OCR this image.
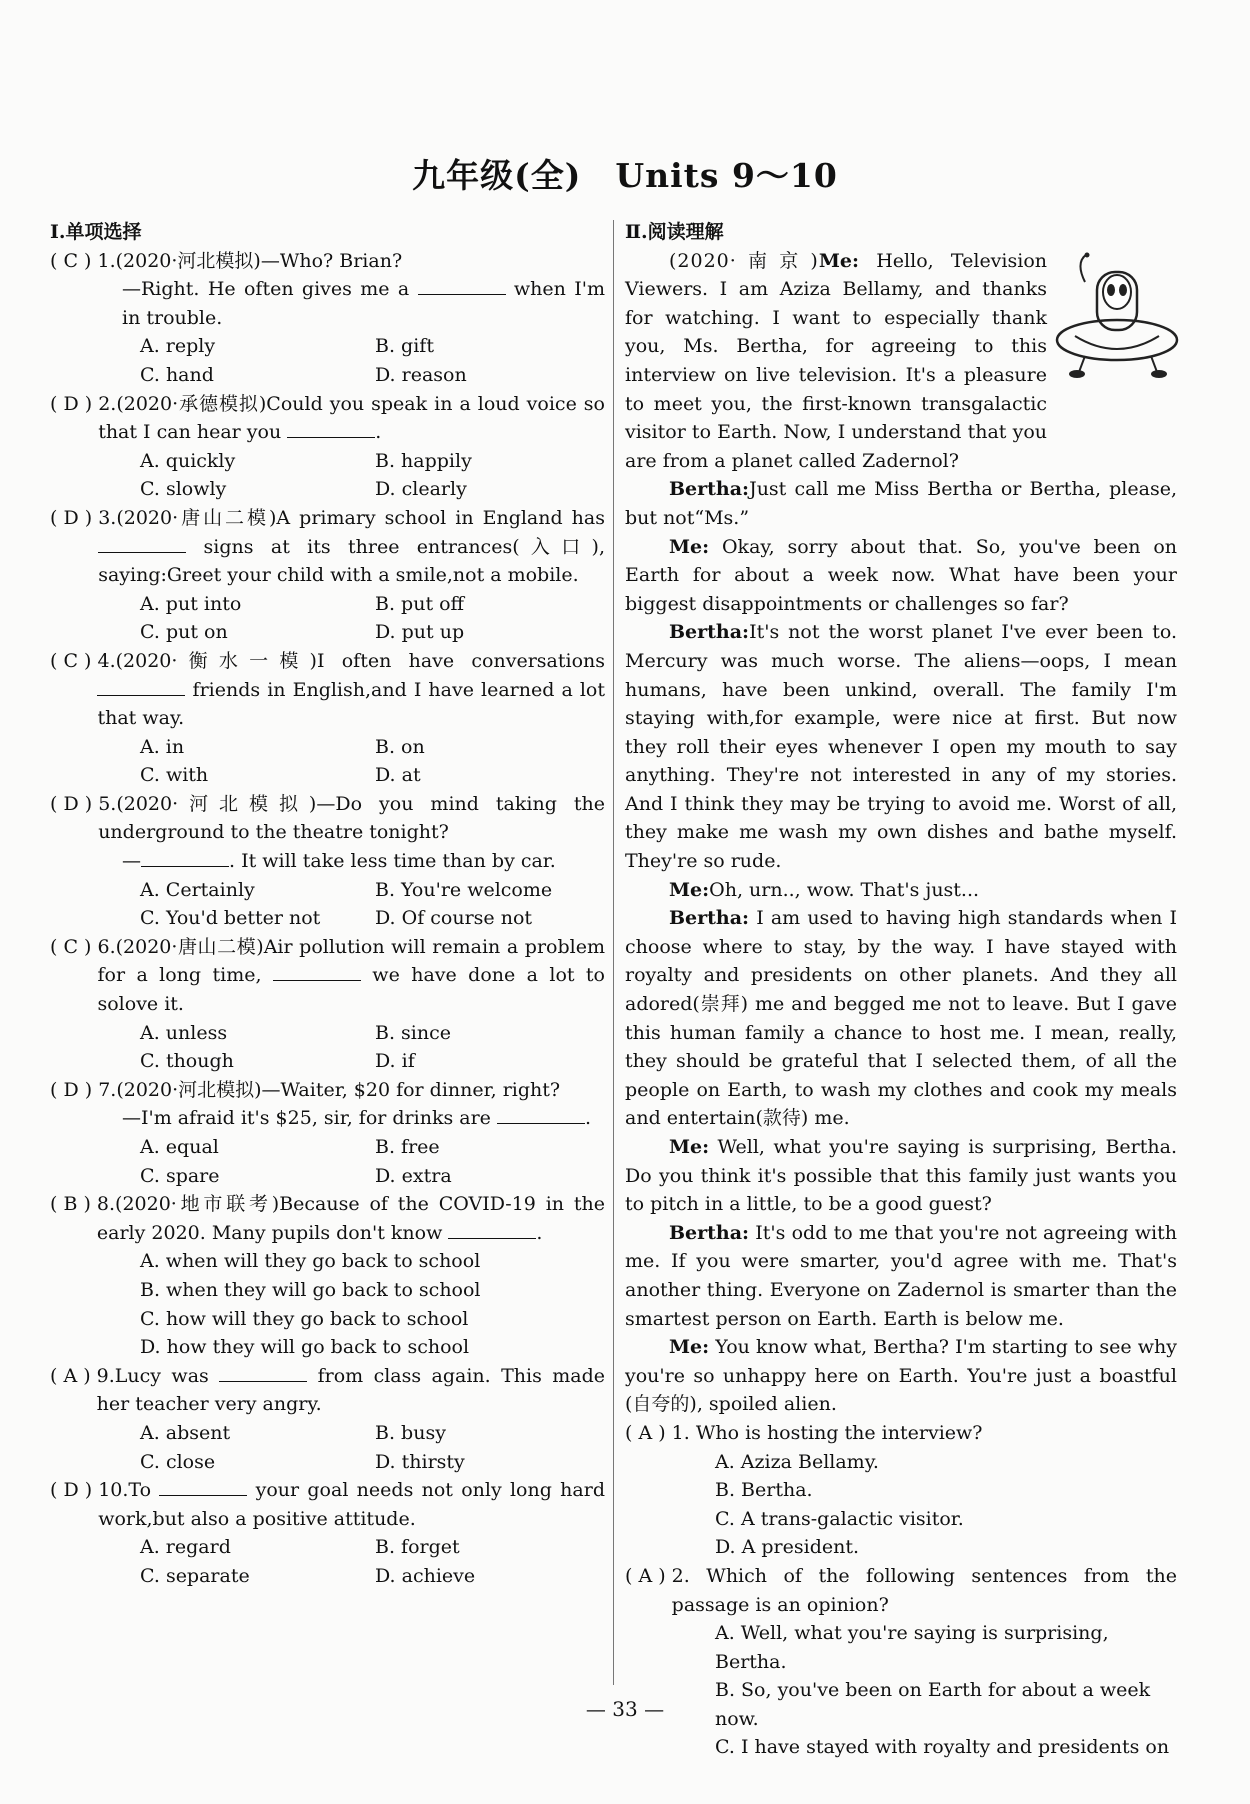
九年级(全)　Units 9～10
Ⅰ.单项选择
( C ) 1.(2020·河北模拟)—Who? Brian?
—Right. He often gives me a	when I'm in trouble.
A. reply	B. gift
C. hand	D. reason
( D ) 2.(2020·承德模拟)Could you speak in a loud voice so that I can hear you	.
A. quickly	B. happily
C. slowly	D. clearly
( D ) 3.(2020·唐山二模)A primary school in England has  signs at its three entrances(入口), saying:Greet your child with a smile,not a mobile.
A. put into	B. put off
C. put on	D. put up
( C ) 4.(2020·衡水一模)I often have conversations  friends in English,and I have learned a lot that way.
A. in	B. on
C. with	D. at
( D ) 5.(2020·河北模拟)—Do you mind taking the underground to the theatre tonight?
—	. It will take less time than by car.
A. Certainly	B. You're welcome
C. You'd better not	D. Of course not
( C ) 6.(2020·唐山二模)Air pollution will remain a problem for a long time,	we have done a lot to solove it.
A. unless	B. since
C. though	D. if
( D ) 7.(2020·河北模拟)—Waiter, $20 for dinner, right?
—I'm afraid it's $25, sir, for drinks are	.
A. equal	B. free
C. spare	D. extra
( B ) 8.(2020·地市联考)Because of the COVID-19 in the early 2020. Many pupils don't know	.
A. when will they go back to school
B. when they will go back to school
C. how will they go back to school
D. how they will go back to school
( A ) 9.Lucy was	from class again. This made her teacher very angry.
A. absent	B. busy
C. close	D. thirsty
( D ) 10.To	your goal needs not only long hard work,but also a positive attitude.
A. regard	B. forget
C. separate	D. achieve
Ⅱ.阅读理解

(2020·南京)Me: Hello, Television Viewers. I am Aziza Bellamy, and thanks for watching. I want to especially thank you, Ms. Bertha, for agreeing to this interview on live television. It's a pleasure to meet you, the first-known transgalactic visitor to Earth. Now, I understand that you are from a planet called Zadernol?

Bertha:Just call me Miss Bertha or Bertha, please, but not“Ms.”

Me: Okay, sorry about that. So, you've been on Earth for about a week now. What have been your biggest disappointments or challenges so far?

Bertha:It's not the worst planet I've ever been to. Mercury was much worse. The aliens—oops, I mean humans, have been unkind, overall. The family I'm staying with,for example, were nice at first. But now they roll their eyes whenever I open my mouth to say anything. They're not interested in any of my stories. And I think they may be trying to avoid me. Worst of all, they make me wash my own dishes and bathe myself. They're so rude.

Me:Oh, urn.., wow. That's just...

Bertha: I am used to having high standards when I choose where to stay, by the way. I have stayed with royalty and presidents on other planets. And they all adored(崇拜) me and begged me not to leave. But I gave this human family a chance to host me. I mean, really, they should be grateful that I selected them, of all the people on Earth, to wash my clothes and cook my meals and entertain(款待) me.

Me: Well, what you're saying is surprising, Bertha. Do you think it's possible that this family just wants you to pitch in a little, to be a good guest?

Bertha: It's odd to me that you're not agreeing with me. If you were smarter, you'd agree with me. That's another thing. Everyone on Zadernol is smarter than the smartest person on Earth. Earth is below me.

Me: You know what, Bertha? I'm starting to see why you're so unhappy here on Earth. You're just a boastful (自夸的), spoiled alien.

( A ) 1. Who is hosting the interview?
A. Aziza Bellamy.
B. Bertha.
C. A trans-galactic visitor.
D. A president.
( A ) 2. Which of the following sentences from the passage is an opinion?
A. Well, what you're saying is surprising, Bertha.
B. So, you've been on Earth for about a week now.
C. I have stayed with royalty and presidents on
— 33 —
